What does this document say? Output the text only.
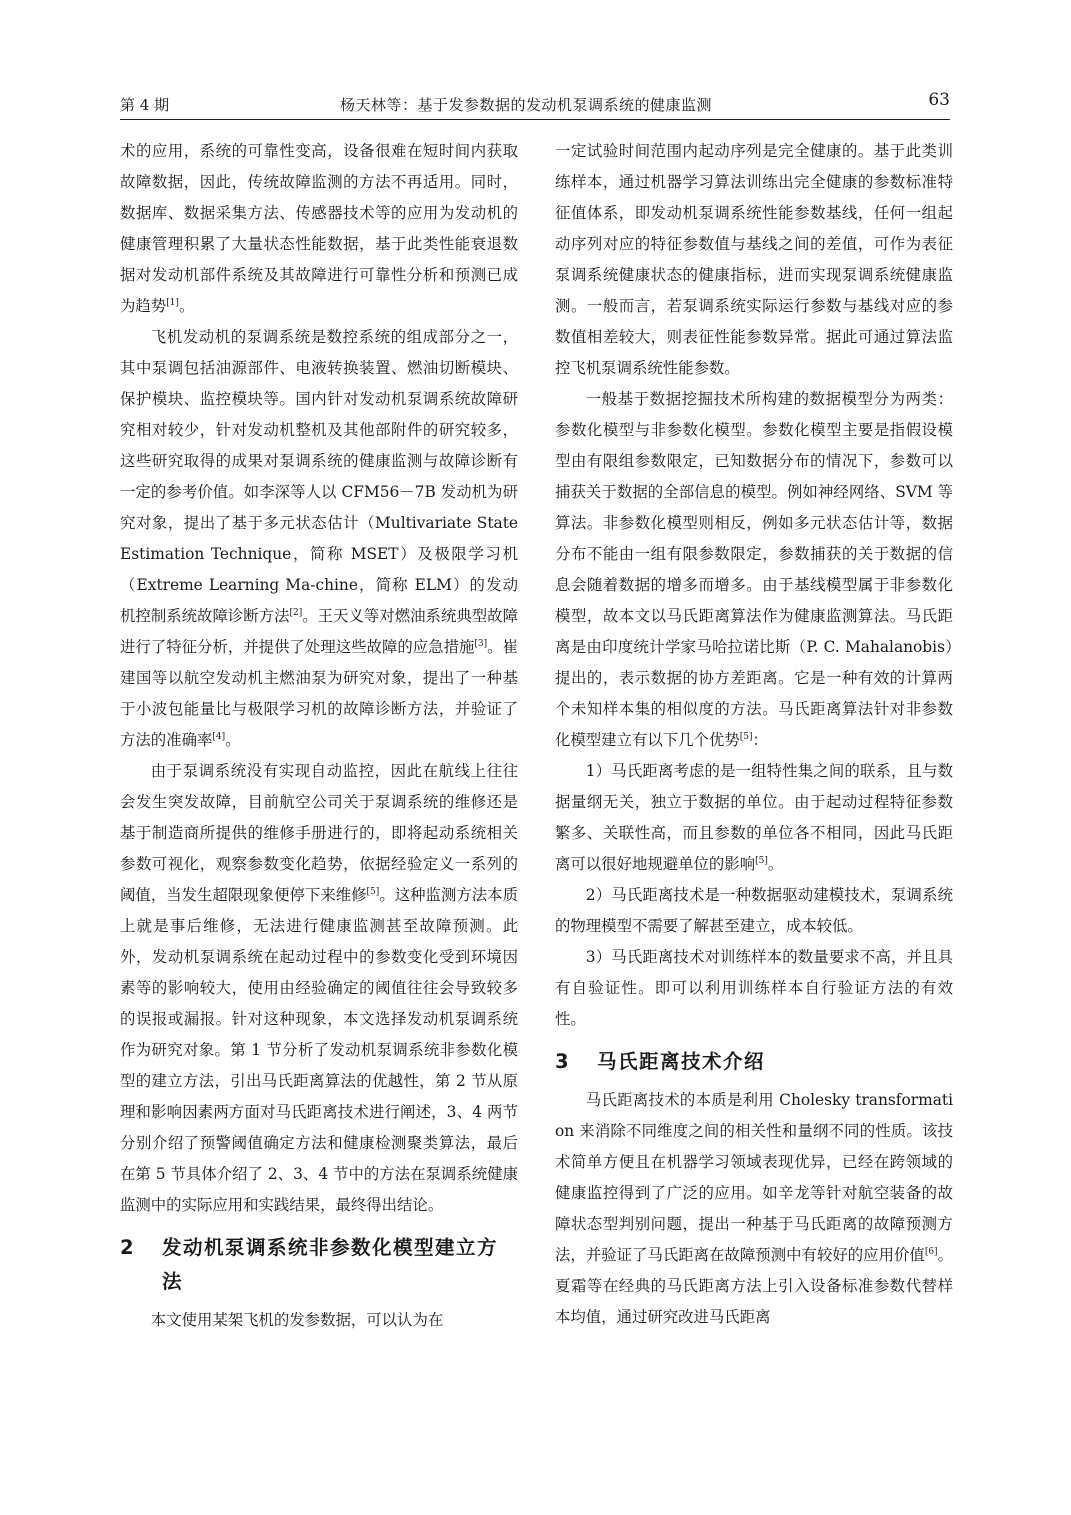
第 4 期	杨天林等：基于发参数据的发动机泵调系统的健康监测	63

术的应用，系统的可靠性变高，设备很难在短时间内获取故障数据，因此，传统故障监测的方法不再适用。同时，数据库、数据采集方法、传感器技术等的应用为发动机的健康管理积累了大量状态性能数据，基于此类性能衰退数据对发动机部件系统及其故障进行可靠性分析和预测已成为趋势[1]。

飞机发动机的泵调系统是数控系统的组成部分之一，其中泵调包括油源部件、电液转换装置、燃油切断模块、保护模块、监控模块等。国内针对发动机泵调系统故障研究相对较少，针对发动机整机及其他部附件的研究较多，这些研究取得的成果对泵调系统的健康监测与故障诊断有一定的参考价值。如李深等人以 CFM56－7B 发动机为研究对象，提出了基于多元状态估计（Multivariate State Estimation Technique，简称 MSET）及极限学习机（Extreme Learning Ma-chine，简称 ELM）的发动机控制系统故障诊断方法[2]。王天义等对燃油系统典型故障进行了特征分析，并提供了处理这些故障的应急措施[3]。崔建国等以航空发动机主燃油泵为研究对象，提出了一种基于小波包能量比与极限学习机的故障诊断方法，并验证了方法的准确率[4]。

由于泵调系统没有实现自动监控，因此在航线上往往会发生突发故障，目前航空公司关于泵调系统的维修还是基于制造商所提供的维修手册进行的，即将起动系统相关参数可视化，观察参数变化趋势，依据经验定义一系列的阈值，当发生超限现象便停下来维修[5]。这种监测方法本质上就是事后维修，无法进行健康监测甚至故障预测。此外，发动机泵调系统在起动过程中的参数变化受到环境因素等的影响较大，使用由经验确定的阈值往往会导致较多的误报或漏报。针对这种现象，本文选择发动机泵调系统作为研究对象。第 1 节分析了发动机泵调系统非参数化模型的建立方法，引出马氏距离算法的优越性，第 2 节从原理和影响因素两方面对马氏距离技术进行阐述，3、4 两节分别介绍了预警阈值确定方法和健康检测聚类算法，最后在第 5 节具体介绍了 2、3、4 节中的方法在泵调系统健康监测中的实际应用和实践结果，最终得出结论。

2 发动机泵调系统非参数化模型建立方法

本文使用某架飞机的发参数据，可以认为在

一定试验时间范围内起动序列是完全健康的。基于此类训练样本，通过机器学习算法训练出完全健康的参数标准特征值体系，即发动机泵调系统性能参数基线，任何一组起动序列对应的特征参数值与基线之间的差值，可作为表征泵调系统健康状态的健康指标，进而实现泵调系统健康监测。一般而言，若泵调系统实际运行参数与基线对应的参数值相差较大，则表征性能参数异常。据此可通过算法监控飞机泵调系统性能参数。

一般基于数据挖掘技术所构建的数据模型分为两类：参数化模型与非参数化模型。参数化模型主要是指假设模型由有限组参数限定，已知数据分布的情况下，参数可以捕获关于数据的全部信息的模型。例如神经网络、SVM 等算法。非参数化模型则相反，例如多元状态估计等，数据分布不能由一组有限参数限定，参数捕获的关于数据的信息会随着数据的增多而增多。由于基线模型属于非参数化模型，故本文以马氏距离算法作为健康监测算法。马氏距离是由印度统计学家马哈拉诺比斯（P. C. Mahalanobis）提出的，表示数据的协方差距离。它是一种有效的计算两个未知样本集的相似度的方法。马氏距离算法针对非参数化模型建立有以下几个优势[5]：

1）马氏距离考虑的是一组特性集之间的联系，且与数据量纲无关，独立于数据的单位。由于起动过程特征参数繁多、关联性高，而且参数的单位各不相同，因此马氏距离可以很好地规避单位的影响[5]。

2）马氏距离技术是一种数据驱动建模技术，泵调系统的物理模型不需要了解甚至建立，成本较低。

3）马氏距离技术对训练样本的数量要求不高，并且具有自验证性。即可以利用训练样本自行验证方法的有效性。

3 马氏距离技术介绍

马氏距离技术的本质是利用 Cholesky transformation 来消除不同维度之间的相关性和量纲不同的性质。该技术简单方便且在机器学习领域表现优异，已经在跨领域的健康监控得到了广泛的应用。如辛龙等针对航空装备的故障状态型判别问题，提出一种基于马氏距离的故障预测方法，并验证了马氏距离在故障预测中有较好的应用价值[6]。夏霜等在经典的马氏距离方法上引入设备标准参数代替样本均值，通过研究改进马氏距离
